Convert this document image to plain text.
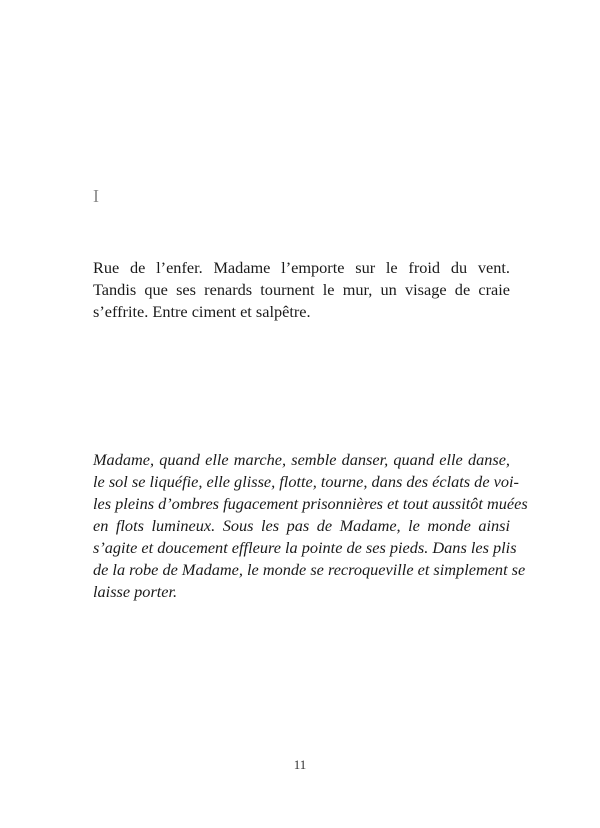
I

Rue de l’enfer. Madame l’emporte sur le froid du vent.
Tandis que ses renards tournent le mur, un visage de craie
s’effrite. Entre ciment et salpêtre.

Madame, quand elle marche, semble danser, quand elle danse,
le sol se liquéfie, elle glisse, flotte, tourne, dans des éclats de voi-
les pleins d’ombres fugacement prisonnières et tout aussitôt muées
en flots lumineux. Sous les pas de Madame, le monde ainsi
s’agite et doucement effleure la pointe de ses pieds. Dans les plis
de la robe de Madame, le monde se recroqueville et simplement se
laisse porter.

11
